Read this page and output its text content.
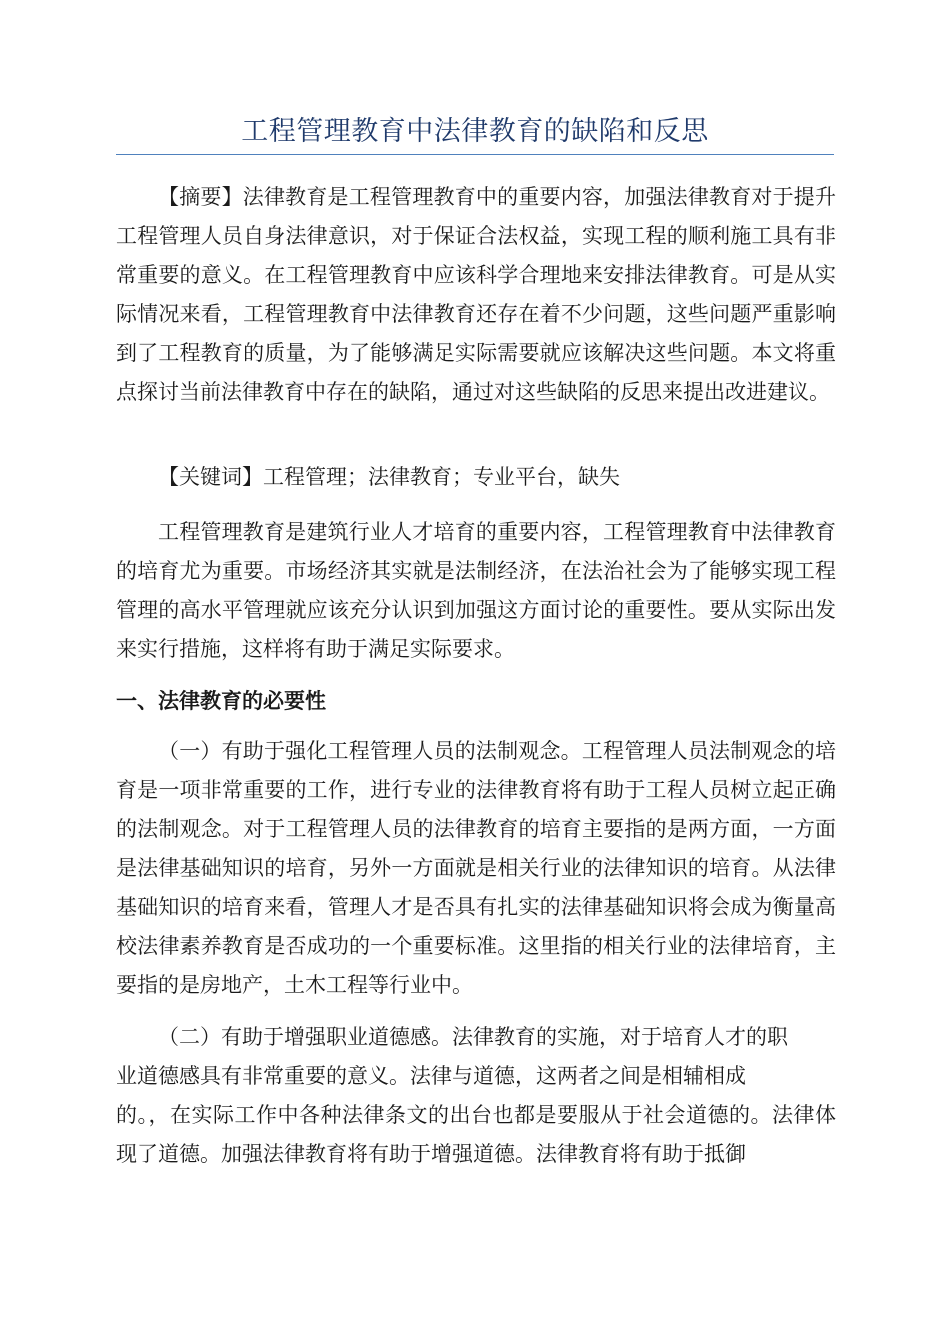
工程管理教育中法律教育的缺陷和反思

【摘要】法律教育是工程管理教育中的重要内容，加强法律教育对于提升工程管理人员自身法律意识，对于保证合法权益，实现工程的顺利施工具有非常重要的意义。在工程管理教育中应该科学合理地来安排法律教育。可是从实际情况来看，工程管理教育中法律教育还存在着不少问题，这些问题严重影响到了工程教育的质量，为了能够满足实际需要就应该解决这些问题。本文将重点探讨当前法律教育中存在的缺陷，通过对这些缺陷的反思来提出改进建议。

【关键词】工程管理；法律教育；专业平台，缺失

工程管理教育是建筑行业人才培育的重要内容，工程管理教育中法律教育的培育尤为重要。市场经济其实就是法制经济，在法治社会为了能够实现工程管理的高水平管理就应该充分认识到加强这方面讨论的重要性。要从实际出发来实行措施，这样将有助于满足实际要求。

一、法律教育的必要性

（一）有助于强化工程管理人员的法制观念。工程管理人员法制观念的培育是一项非常重要的工作，进行专业的法律教育将有助于工程人员树立起正确的法制观念。对于工程管理人员的法律教育的培育主要指的是两方面，一方面是法律基础知识的培育，另外一方面就是相关行业的法律知识的培育。从法律基础知识的培育来看，管理人才是否具有扎实的法律基础知识将会成为衡量高校法律素养教育是否成功的一个重要标准。这里指的相关行业的法律培育，主要指的是房地产，土木工程等行业中。

（二）有助于增强职业道德感。法律教育的实施，对于培育人才的职

业道德感具有非常重要的意义。法律与道德，这两者之间是相辅相成

的。，在实际工作中各种法律条文的出台也都是要服从于社会道德的。法律体现了道德。加强法律教育将有助于增强道德。法律教育将有助于抵御
